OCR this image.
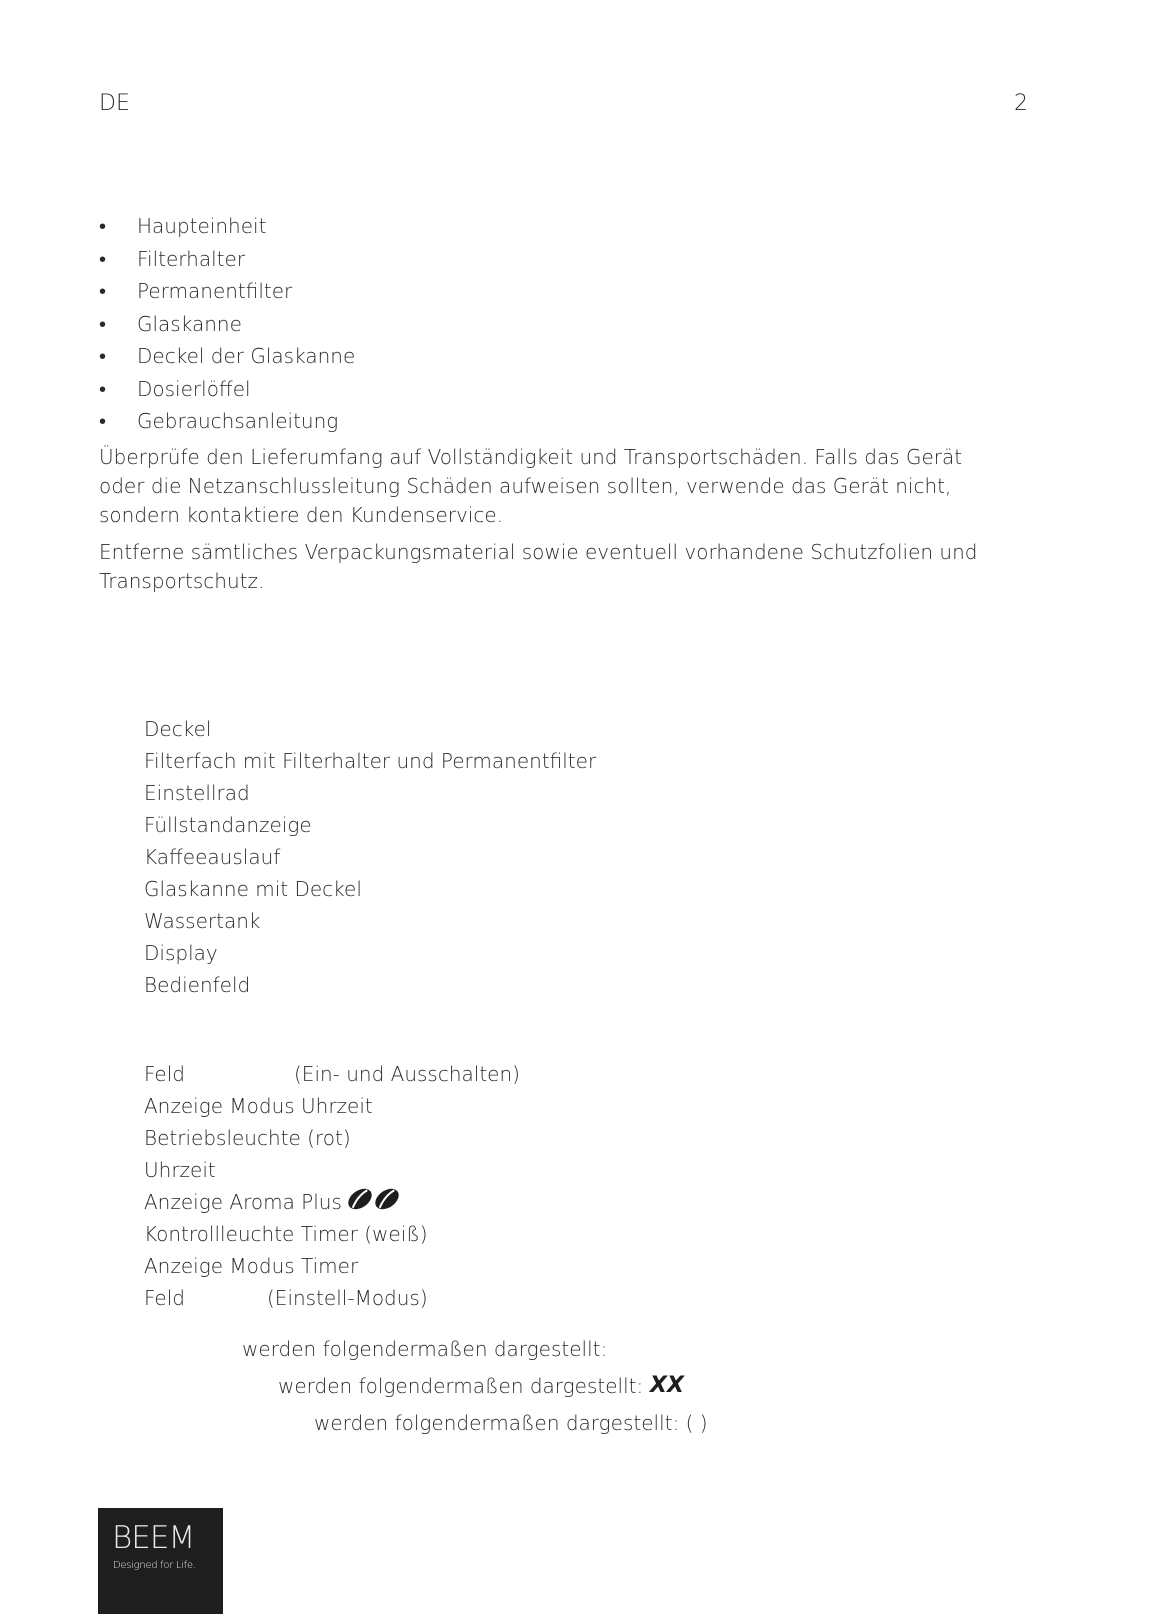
DE	2
• Haupteinheit
• Filterhalter
• Permanentfilter
• Glaskanne
• Deckel der Glaskanne
• Dosierlöffel
• Gebrauchsanleitung

Überprüfe den Lieferumfang auf Vollständigkeit und Transportschäden. Falls das Gerät oder die Netzanschlussleitung Schäden aufweisen sollten, verwende das Gerät nicht, sondern kontaktiere den Kundenservice.

Entferne sämtliches Verpackungsmaterial sowie eventuell vorhandene Schutzfolien und Transportschutz.

Deckel
Filterfach mit Filterhalter und Permanentfilter
Einstellrad
Füllstandanzeige
Kaffeeauslauf
Glaskanne mit Deckel
Wassertank
Display
Bedienfeld
Feld	(Ein- und Ausschalten)
Anzeige Modus Uhrzeit
Betriebsleuchte (rot)
Uhrzeit
Anzeige Aroma Plus
Kontrollleuchte Timer (weiß)
Anzeige Modus Timer
Feld	(Einstell-Modus)
werden folgendermaßen dargestellt:
werden folgendermaßen dargestellt: XX
werden folgendermaßen dargestellt: ( )
BEEM
Designed for Life.
